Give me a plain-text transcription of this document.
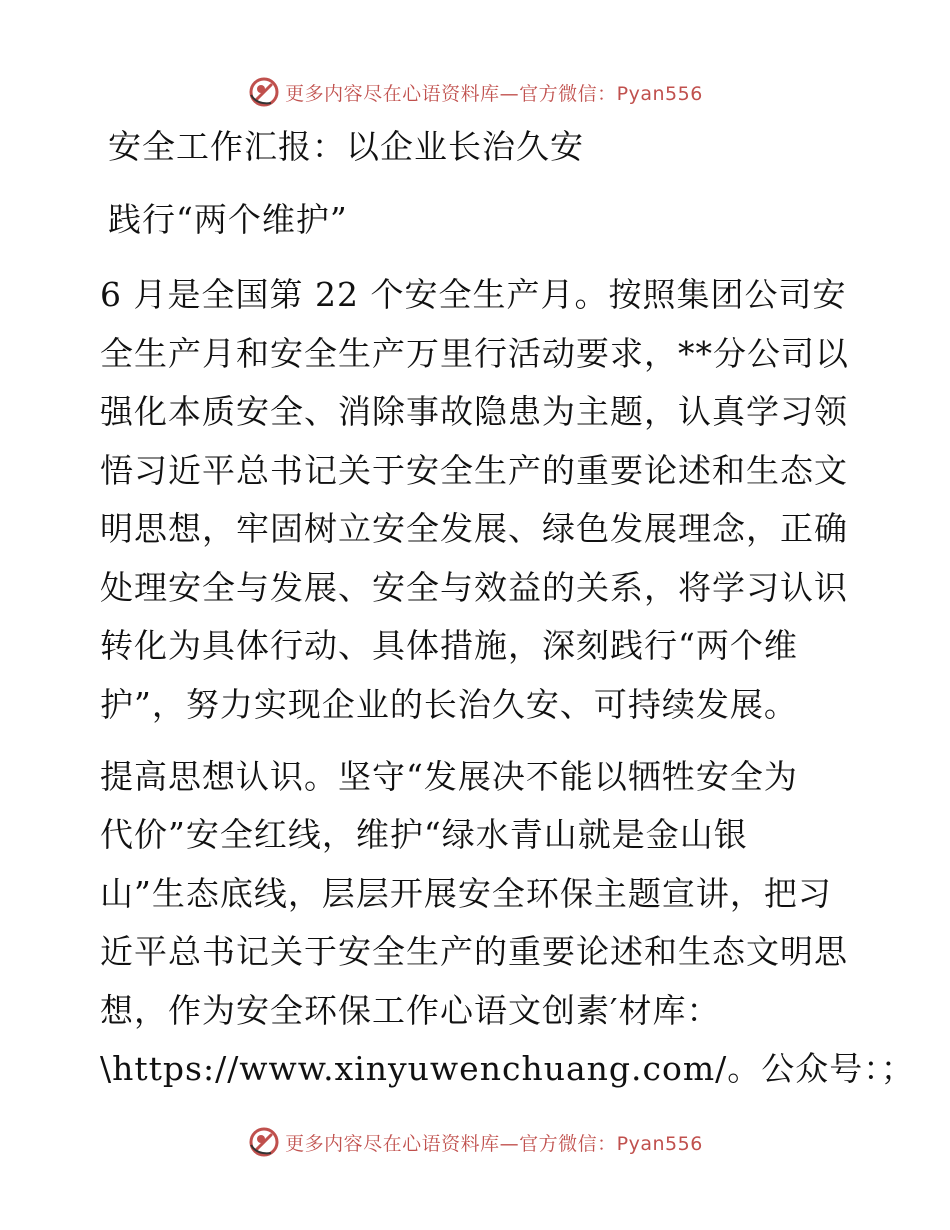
更多内容尽在心语资料库—官方微信：Pyan556
安全工作汇报：以企业长治久安
践行“两个维护”
6 月是全国第 22 个安全生产月。按照集团公司安
全生产月和安全生产万里行活动要求，**分公司以
强化本质安全、消除事故隐患为主题，认真学习领
悟习近平总书记关于安全生产的重要论述和生态文
明思想，牢固树立安全发展、绿色发展理念，正确
处理安全与发展、安全与效益的关系，将学习认识
转化为具体行动、具体措施，深刻践行“两个维
护”，努力实现企业的长治久安、可持续发展。
提高思想认识。坚守“发展决不能以牺牲安全为
代价”安全红线，维护“绿水青山就是金山银
山”生态底线，层层开展安全环保主题宣讲，把习
近平总书记关于安全生产的重要论述和生态文明思
想，作为安全环保工作心语文创素′材库：
\https://www.xinyuwenchuang.com/。公众号：；
更多内容尽在心语资料库—官方微信：Pyan556
